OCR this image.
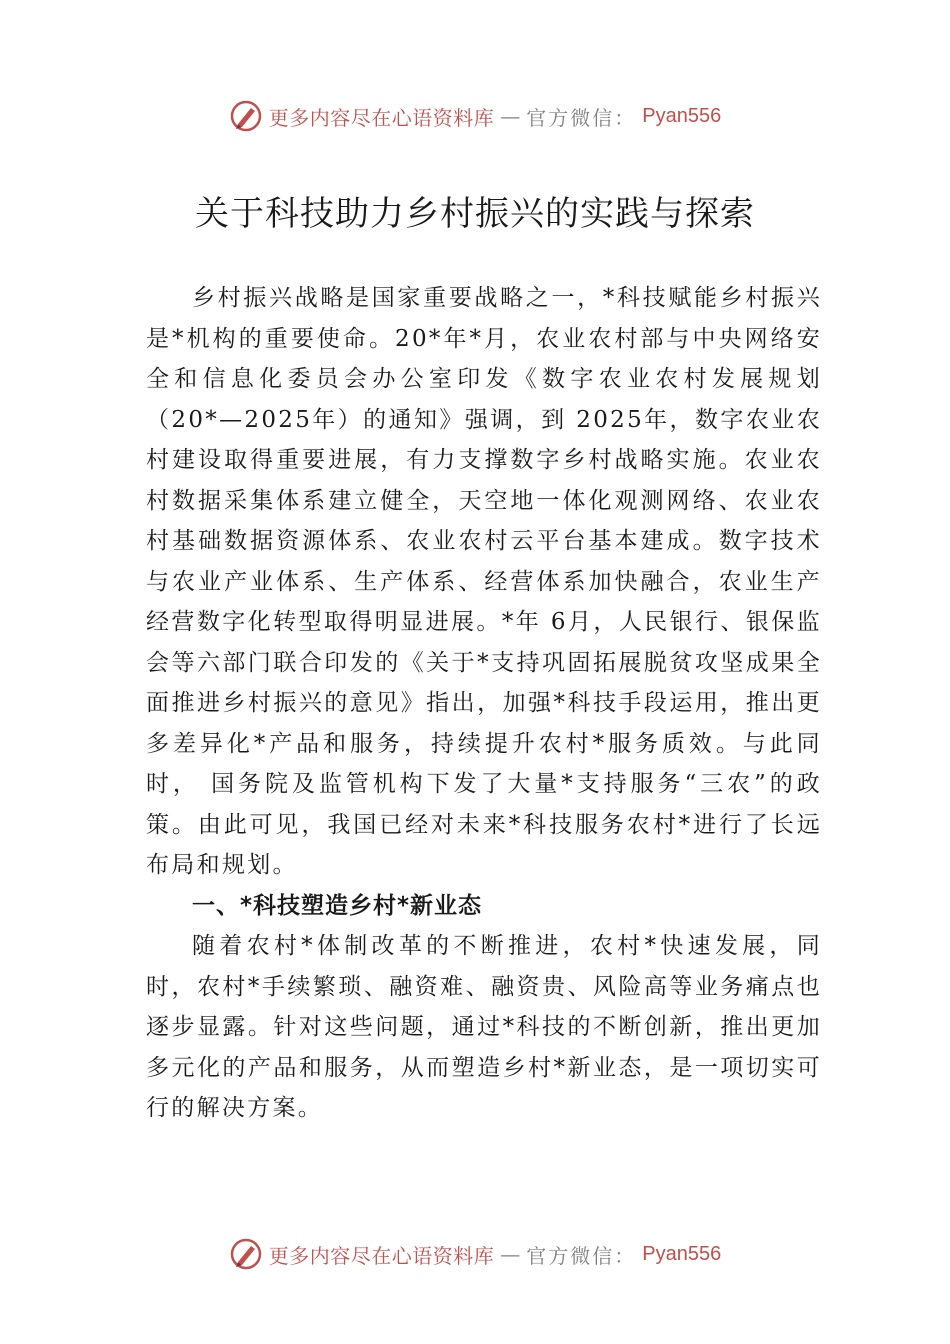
更多内容尽在心语资料库 — 官方微信： Pyan556
关于科技助力乡村振兴的实践与探索

乡村振兴战略是国家重要战略之一，*科技赋能乡村振兴是*机构的重要使命。20*年*月，农业农村部与中央网络安全和信息化委员会办公室印发《数字农业农村发展规划（20*—2025年）的通知》强调，到 2025年，数字农业农村建设取得重要进展，有力支撑数字乡村战略实施。农业农村数据采集体系建立健全，天空地一体化观测网络、农业农村基础数据资源体系、农业农村云平台基本建成。数字技术与农业产业体系、生产体系、经营体系加快融合，农业生产经营数字化转型取得明显进展。*年 6月，人民银行、银保监会等六部门联合印发的《关于*支持巩固拓展脱贫攻坚成果全面推进乡村振兴的意见》指出，加强*科技手段运用，推出更多差异化*产品和服务，持续提升农村*服务质效。与此同时， 国务院及监管机构下发了大量*支持服务“三农”的政策。由此可见，我国已经对未来*科技服务农村*进行了长远布局和规划。

一、*科技塑造乡村*新业态

随着农村*体制改革的不断推进，农村*快速发展，同时，农村*手续繁琐、融资难、融资贵、风险高等业务痛点也逐步显露。针对这些问题，通过*科技的不断创新，推出更加多元化的产品和服务，从而塑造乡村*新业态，是一项切实可行的解决方案。

更多内容尽在心语资料库 — 官方微信： Pyan556
